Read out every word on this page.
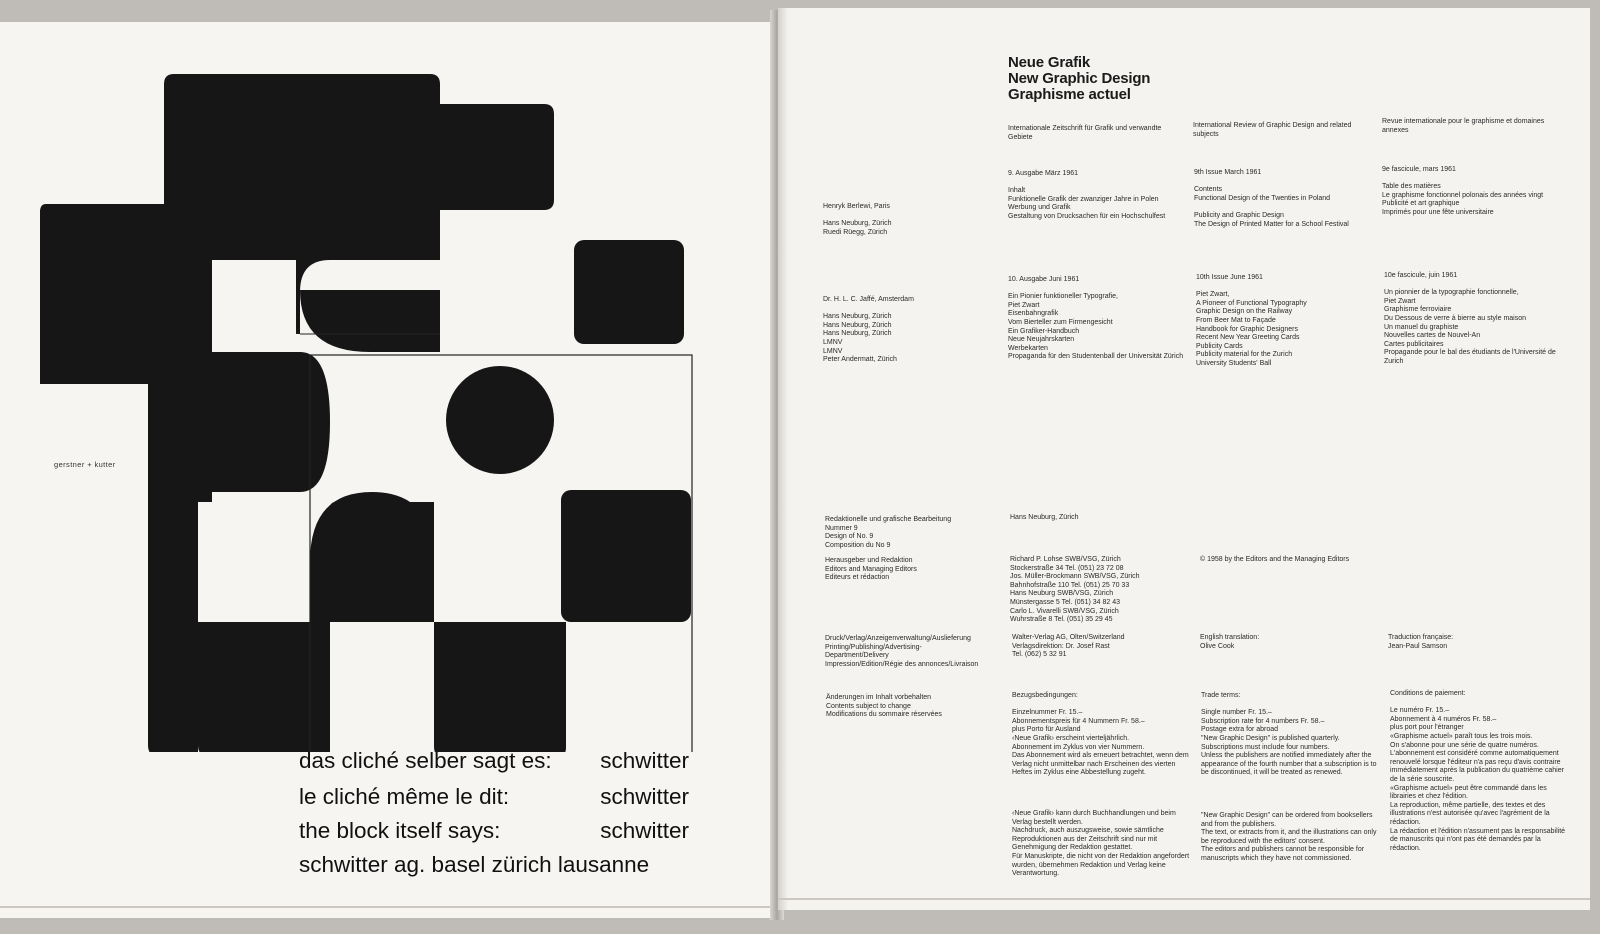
gerstner + kutter
das cliché selber sagt es: schwitter
le cliché même le dit:	schwitter
the block itself says:	schwitter
schwitter ag. basel zürich lausanne
Neue Grafik
New Graphic Design
Graphisme actuel
Internationale Zeitschrift für Grafik und verwandte Gebiete
International Review of Graphic Design and related subjects
Revue internationale pour le graphisme et domaines annexes
Henryk Berlewi, Paris

Hans Neuburg, Zürich
Ruedi Rüegg, Zürich
9. Ausgabe März 1961

Inhalt
Funktionelle Grafik der zwanziger Jahre in Polen
Werbung und Grafik
Gestaltung von Drucksachen für ein Hochschulfest
9th Issue March 1961

Contents
Functional Design of the Twenties in Poland

Publicity and Graphic Design
The Design of Printed Matter for a School Festival
9e fascicule, mars 1961

Table des matières
Le graphisme fonctionnel polonais des années vingt
Publicité et art graphique
Imprimés pour une fête universitaire
Dr. H. L. C. Jaffé, Amsterdam

Hans Neuburg, Zürich
Hans Neuburg, Zürich
Hans Neuburg, Zürich
LMNV
LMNV
Peter Andermatt, Zürich
10. Ausgabe Juni 1961

Ein Pionier funktioneller Typografie,
Piet Zwart
Eisenbahngrafik
Vom Bierteller zum Firmengesicht
Ein Grafiker-Handbuch
Neue Neujahrskarten
Werbekarten
Propaganda für den Studentenball der Universität Zürich
10th Issue June 1961

Piet Zwart,
A Pioneer of Functional Typography
Graphic Design on the Railway
From Beer Mat to Façade
Handbook for Graphic Designers
Recent New Year Greeting Cards
Publicity Cards
Publicity material for the Zurich
University Students' Ball
10e fascicule, juin 1961

Un pionnier de la typographie fonctionnelle,
Piet Zwart
Graphisme ferroviaire
Du Dessous de verre à bierre au style maison
Un manuel du graphiste
Nouvelles cartes de Nouvel-An
Cartes publicitaires
Propagande pour le bal des étudiants de l'Université de Zurich
Redaktionelle und grafische Bearbeitung
Nummer 9
Design of No. 9
Composition du No 9
Hans Neuburg, Zürich
Herausgeber und Redaktion
Editors and Managing Editors
Editeurs et rédaction
Richard P. Lohse SWB/VSG, Zürich
Stockerstraße 34 Tel. (051) 23 72 08
Jos. Müller-Brockmann SWB/VSG, Zürich
Bahnhofstraße 110 Tel. (051) 25 70 33
Hans Neuburg SWB/VSG, Zürich
Münstergasse 5 Tel. (051) 34 82 43
Carlo L. Vivarelli SWB/VSG, Zürich
Wuhrstraße 8 Tel. (051) 35 29 45
© 1958 by the Editors and the Managing Editors
Druck/Verlag/Anzeigenverwaltung/Auslieferung
Printing/Publishing/Advertising-Department/Delivery
Impression/Edition/Régie des annonces/Livraison
Walter-Verlag AG, Olten/Switzerland
Verlagsdirektion: Dr. Josef Rast
Tel. (062) 5 32 91
English translation:
Olive Cook
Traduction française:
Jean-Paul Samson
Änderungen im Inhalt vorbehalten
Contents subject to change
Modifications du sommaire réservées
Bezugsbedingungen:

Einzelnummer Fr. 15.–
Abonnementspreis für 4 Nummern Fr. 58.–
plus Porto für Ausland
‹Neue Grafik› erscheint vierteljährlich.
Abonnement im Zyklus von vier Nummern.
Das Abonnement wird als erneuert betrachtet, wenn dem Verlag nicht unmittelbar nach Erscheinen des vierten Heftes im Zyklus eine Abbestellung zugeht.
Trade terms:

Single number Fr. 15.–
Subscription rate for 4 numbers Fr. 58.–
Postage extra for abroad
"New Graphic Design" is published quarterly.
Subscriptions must include four numbers.
Unless the publishers are notified immediately after the appearance of the fourth number that a subscription is to be discontinued, it will be treated as renewed.
Conditions de paiement:

Le numéro Fr. 15.–
Abonnement à 4 numéros Fr. 58.–
plus port pour l'étranger
«Graphisme actuel» paraît tous les trois mois.
On s'abonne pour une série de quatre numéros.
L'abonnement est considéré comme automatiquement renouvelé lorsque l'éditeur n'a pas reçu d'avis contraire immédiatement après la publication du quatrième cahier de la série souscrite.
«Graphisme actuel» peut être commandé dans les librairies et chez l'édition.
La reproduction, même partielle, des textes et des illustrations n'est autorisée qu'avec l'agrément de la rédaction.
La rédaction et l'édition n'assument pas la responsabilité de manuscrits qui n'ont pas été demandés par la rédaction.
‹Neue Grafik› kann durch Buchhandlungen und beim Verlag bestellt werden.
Nachdruck, auch auszugsweise, sowie sämtliche Reproduktionen aus der Zeitschrift sind nur mit Genehmigung der Redaktion gestattet.
Für Manuskripte, die nicht von der Redaktion angefordert wurden, übernehmen Redaktion und Verlag keine Verantwortung.
"New Graphic Design" can be ordered from booksellers and from the publishers.
The text, or extracts from it, and the illustrations can only be reproduced with the editors' consent.
The editors and publishers cannot be responsible for manuscripts which they have not commissioned.
